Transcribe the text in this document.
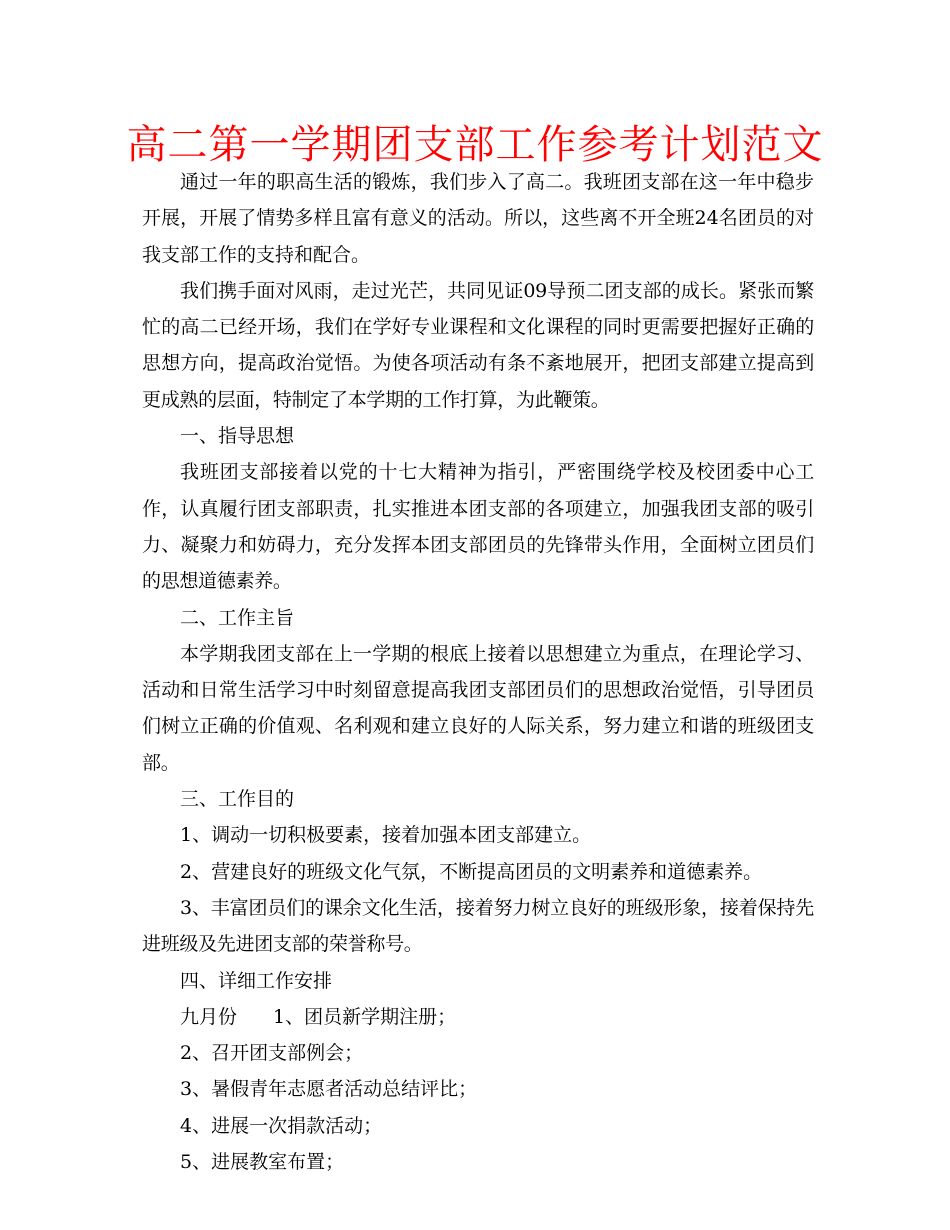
高二第一学期团支部工作参考计划范文

通过一年的职高生活的锻炼，我们步入了高二。我班团支部在这一年中稳步开展，开展了情势多样且富有意义的活动。所以，这些离不开全班24名团员的对我支部工作的支持和配合。

我们携手面对风雨，走过光芒，共同见证09导预二团支部的成长。紧张而繁忙的高二已经开场，我们在学好专业课程和文化课程的同时更需要把握好正确的思想方向，提高政治觉悟。为使各项活动有条不紊地展开，把团支部建立提高到更成熟的层面，特制定了本学期的工作打算，为此鞭策。

一、指导思想

我班团支部接着以党的十七大精神为指引，严密围绕学校及校团委中心工作，认真履行团支部职责，扎实推进本团支部的各项建立，加强我团支部的吸引力、凝聚力和妨碍力，充分发挥本团支部团员的先锋带头作用，全面树立团员们的思想道德素养。

二、工作主旨

本学期我团支部在上一学期的根底上接着以思想建立为重点，在理论学习、活动和日常生活学习中时刻留意提高我团支部团员们的思想政治觉悟，引导团员们树立正确的价值观、名利观和建立良好的人际关系，努力建立和谐的班级团支部。

三、工作目的
1、调动一切积极要素，接着加强本团支部建立。
2、营建良好的班级文化气氛，不断提高团员的文明素养和道德素养。

3、丰富团员们的课余文化生活，接着努力树立良好的班级形象，接着保持先进班级及先进团支部的荣誉称号。

四、详细工作安排
九月份 1、团员新学期注册；
2、召开团支部例会；
3、暑假青年志愿者活动总结评比；
4、进展一次捐款活动；
5、进展教室布置；
